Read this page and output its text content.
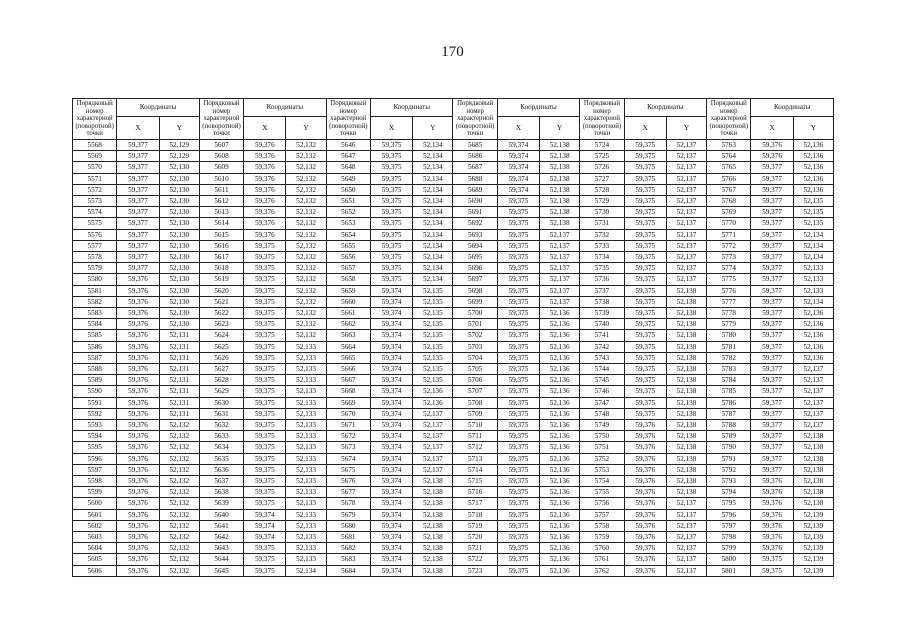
170
Порядковый номер характерной (поворотной) точки	Координаты		Порядковый номер характерной (поворотной) точки	Координаты		Порядковый номер характерной (поворотной) точки	Координаты		Порядковый номер характерной (поворотной) точки	Координаты		Порядковый номер характерной (поворотной) точки	Координаты		Порядковый номер характерной (поворотной) точки	Координаты	
	X	Y		X	Y		X	Y		X	Y		X	Y		X	Y
5568	59,377	52,129	5607	59,376	52,132	5646	59,375	52,134	5685	59,374	52,138	5724	59,375	52,137	5763	59,376	52,136
5569	59,377	52,129	5608	59,376	52,132	5647	59,375	52,134	5686	59,374	52,138	5725	59,375	52,137	5764	59,376	52,136
5570	59,377	52,130	5609	59,376	52,132	5648	59,375	52,134	5687	59,374	52,138	5726	59,375	52,137	5765	59,377	52,136
5571	59,377	52,130	5610	59,376	52,132	5649	59,375	52,134	5688	59,374	52,138	5727	59,375	52,137	5766	59,377	52,136
5572	59,377	52,130	5611	59,376	52,132	5650	59,375	52,134	5689	59,374	52,138	5728	59,375	52,137	5767	59,377	52,136
5573	59,377	52,130	5612	59,376	52,132	5651	59,375	52,134	5690	59,375	52,138	5729	59,375	52,137	5768	59,377	52,135
5574	59,377	52,130	5613	59,376	52,132	5652	59,375	52,134	5691	59,375	52,138	5730	59,375	52,137	5769	59,377	52,135
5575	59,377	52,130	5614	59,376	52,132	5653	59,375	52,134	5692	59,375	52,138	5731	59,375	52,137	5770	59,377	52,135
5576	59,377	52,130	5615	59,376	52,132	5654	59,375	52,134	5693	59,375	52,137	5732	59,375	52,137	5771	59,377	52,134
5577	59,377	52,130	5616	59,375	52,132	5655	59,375	52,134	5694	59,375	52,137	5733	59,375	52,137	5772	59,377	52,134
5578	59,377	52,130	5617	59,375	52,132	5656	59,375	52,134	5695	59,375	52,137	5734	59,375	52,137	5773	59,377	52,134
5579	59,377	52,130	5618	59,375	52,132	5657	59,375	52,134	5696	59,375	52,137	5735	59,375	52,137	5774	59,377	52,133
5580	59,376	52,130	5619	59,375	52,132	5658	59,375	52,134	5697	59,375	52,137	5736	59,375	52,137	5775	59,377	52,133
5581	59,376	52,130	5620	59,375	52,132	5659	59,374	52,135	5698	59,375	52,137	5737	59,375	52,138	5776	59,377	52,133
5582	59,376	52,130	5621	59,375	52,132	5660	59,374	52,135	5699	59,375	52,137	5738	59,375	52,138	5777	59,377	52,134
5583	59,376	52,130	5622	59,375	52,132	5661	59,374	52,135	5700	59,375	52,136	5739	59,375	52,138	5778	59,377	52,136
5584	59,376	52,130	5623	59,375	52,132	5662	59,374	52,135	5701	59,375	52,136	5740	59,375	52,138	5779	59,377	52,136
5585	59,376	52,131	5624	59,375	52,132	5663	59,374	52,135	5702	59,375	52,136	5741	59,375	52,138	5780	59,377	52,136
5586	59,376	52,131	5625	59,375	52,133	5664	59,374	52,135	5703	59,375	52,136	5742	59,375	52,138	5781	59,377	52,136
5587	59,376	52,131	5626	59,375	52,133	5665	59,374	52,135	5704	59,375	52,136	5743	59,375	52,138	5782	59,377	52,136
5588	59,376	52,131	5627	59,375	52,133	5666	59,374	52,135	5705	59,375	52,136	5744	59,375	52,138	5783	59,377	52,137
5589	59,376	52,131	5628	59,375	52,133	5667	59,374	52,135	5706	59,375	52,136	5745	59,375	52,138	5784	59,377	52,137
5590	59,376	52,131	5629	59,375	52,133	5668	59,374	52,136	5707	59,375	52,136	5746	59,375	52,138	5785	59,377	52,137
5591	59,376	52,131	5630	59,375	52,133	5669	59,374	52,136	5708	59,375	52,136	5747	59,375	52,138	5786	59,377	52,137
5592	59,376	52,131	5631	59,375	52,133	5670	59,374	52,137	5709	59,375	52,136	5748	59,375	52,138	5787	59,377	52,137
5593	59,376	52,132	5632	59,375	52,133	5671	59,374	52,137	5710	59,375	52,136	5749	59,376	52,138	5788	59,377	52,137
5594	59,376	52,132	5633	59,375	52,133	5672	59,374	52,137	5711	59,375	52,136	5750	59,376	52,138	5789	59,377	52,138
5595	59,376	52,132	5634	59,375	52,133	5673	59,374	52,137	5712	59,375	52,136	5751	59,376	52,138	5790	59,377	52,138
5596	59,376	52,132	5635	59,375	52,133	5674	59,374	52,137	5713	59,375	52,136	5752	59,376	52,138	5791	59,377	52,138
5597	59,376	52,132	5636	59,375	52,133	5675	59,374	52,137	5714	59,375	52,136	5753	59,376	52,138	5792	59,377	52,138
5598	59,376	52,132	5637	59,375	52,133	5676	59,374	52,138	5715	59,375	52,136	5754	59,376	52,138	5793	59,376	52,138
5599	59,376	52,132	5638	59,375	52,133	5677	59,374	52,138	5716	59,375	52,136	5755	59,376	52,138	5794	59,376	52,138
5600	59,376	52,132	5639	59,375	52,133	5678	59,374	52,138	5717	59,375	52,136	5756	59,376	52,137	5795	59,376	52,138
5601	59,376	52,132	5640	59,374	52,133	5679	59,374	52,138	5718	59,375	52,136	5757	59,376	52,137	5796	59,376	52,139
5602	59,376	52,132	5641	59,374	52,133	5680	59,374	52,138	5719	59,375	52,136	5758	59,376	52,137	5797	59,376	52,139
5603	59,376	52,132	5642	59,374	52,133	5681	59,374	52,138	5720	59,375	52,136	5759	59,376	52,137	5798	59,376	52,139
5604	59,376	52,132	5643	59,375	52,133	5682	59,374	52,138	5721	59,375	52,136	5760	59,376	52,137	5799	59,376	52,139
5605	59,376	52,132	5644	59,375	52,133	5683	59,374	52,138	5722	59,375	52,136	5761	59,376	52,137	5800	59,375	52,139
5606	59,376	52,132	5645	59,375	52,134	5684	59,374	52,138	5723	59,375	52,136	5762	59,376	52,137	5801	59,375	52,139
